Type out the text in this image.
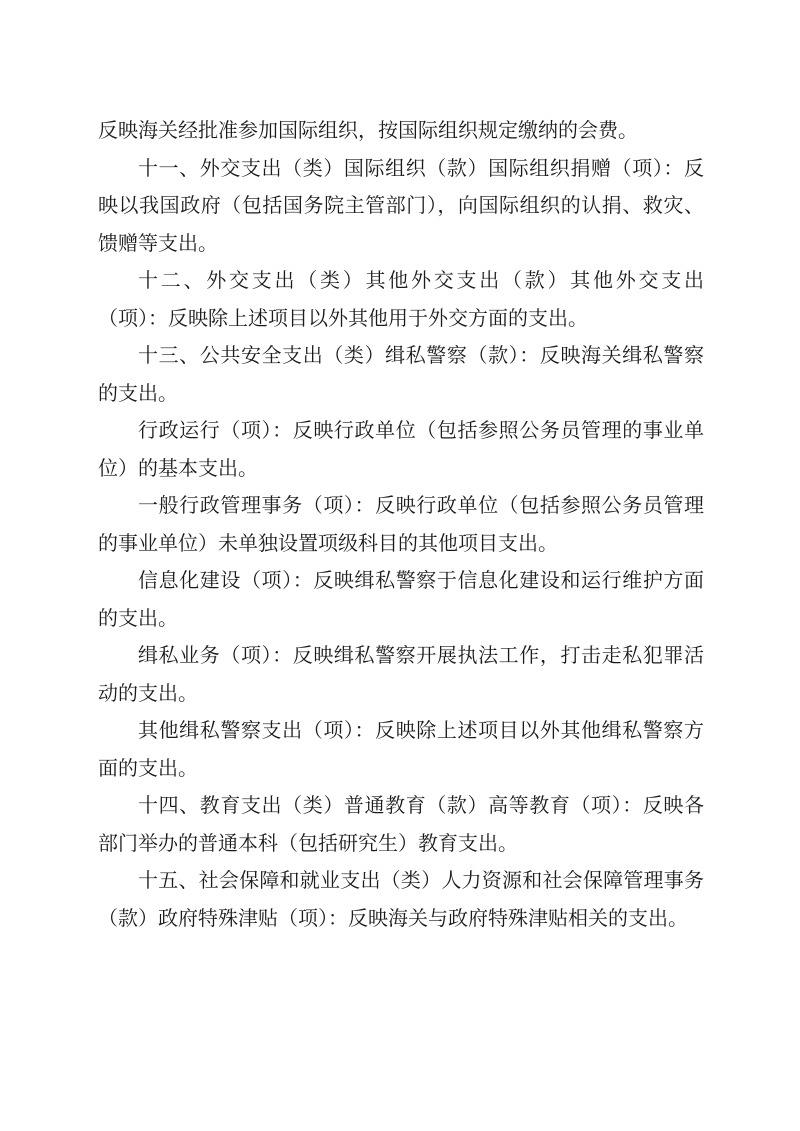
反映海关经批准参加国际组织，按国际组织规定缴纳的会费。

十一、外交支出（类）国际组织（款）国际组织捐赠（项）：反映以我国政府（包括国务院主管部门），向国际组织的认捐、救灾、馈赠等支出。

十二、外交支出（类）其他外交支出（款）其他外交支出（项）：反映除上述项目以外其他用于外交方面的支出。

十三、公共安全支出（类）缉私警察（款）：反映海关缉私警察的支出。

行政运行（项）：反映行政单位（包括参照公务员管理的事业单位）的基本支出。

一般行政管理事务（项）：反映行政单位（包括参照公务员管理的事业单位）未单独设置项级科目的其他项目支出。

信息化建设（项）：反映缉私警察于信息化建设和运行维护方面的支出。

缉私业务（项）：反映缉私警察开展执法工作，打击走私犯罪活动的支出。

其他缉私警察支出（项）：反映除上述项目以外其他缉私警察方面的支出。

十四、教育支出（类）普通教育（款）高等教育（项）：反映各部门举办的普通本科（包括研究生）教育支出。

十五、社会保障和就业支出（类）人力资源和社会保障管理事务（款）政府特殊津贴（项）：反映海关与政府特殊津贴相关的支出。
